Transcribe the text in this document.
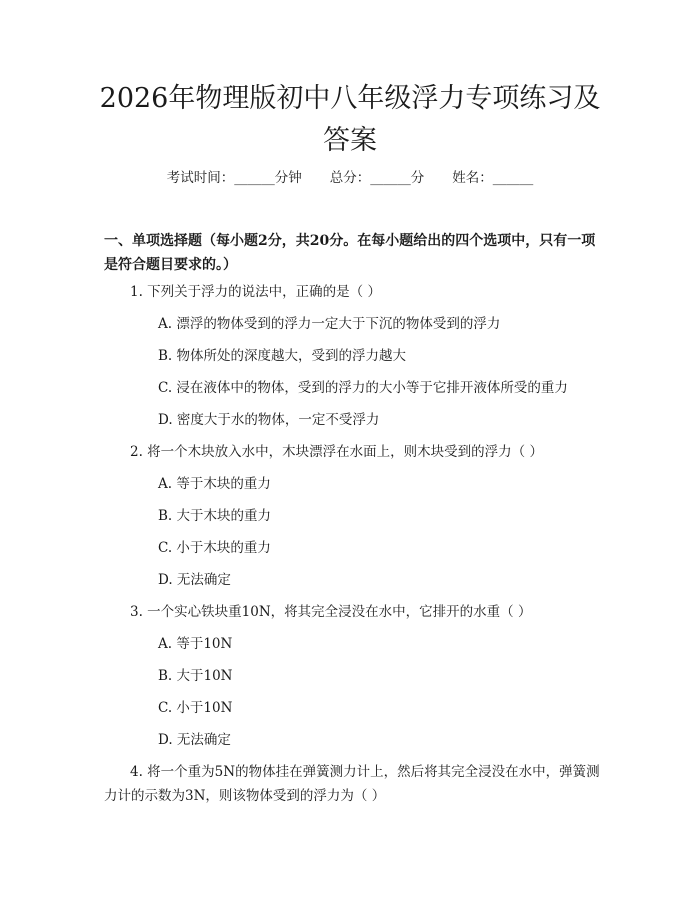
2026年物理版初中八年级浮力专项练习及答案
考试时间：______分钟 总分：______分 姓名：______
一、单项选择题（每小题2分，共20分。在每小题给出的四个选项中，只有一项是符合题目要求的。）
1. 下列关于浮力的说法中，正确的是（ ）
A. 漂浮的物体受到的浮力一定大于下沉的物体受到的浮力
B. 物体所处的深度越大，受到的浮力越大
C. 浸在液体中的物体，受到的浮力的大小等于它排开液体所受的重力
D. 密度大于水的物体，一定不受浮力
2. 将一个木块放入水中，木块漂浮在水面上，则木块受到的浮力（ ）
A. 等于木块的重力
B. 大于木块的重力
C. 小于木块的重力
D. 无法确定
3. 一个实心铁块重10N，将其完全浸没在水中，它排开的水重（ ）
A. 等于10N
B. 大于10N
C. 小于10N
D. 无法确定
4. 将一个重为5N的物体挂在弹簧测力计上，然后将其完全浸没在水中，弹簧测力计的示数为3N，则该物体受到的浮力为（ ）
